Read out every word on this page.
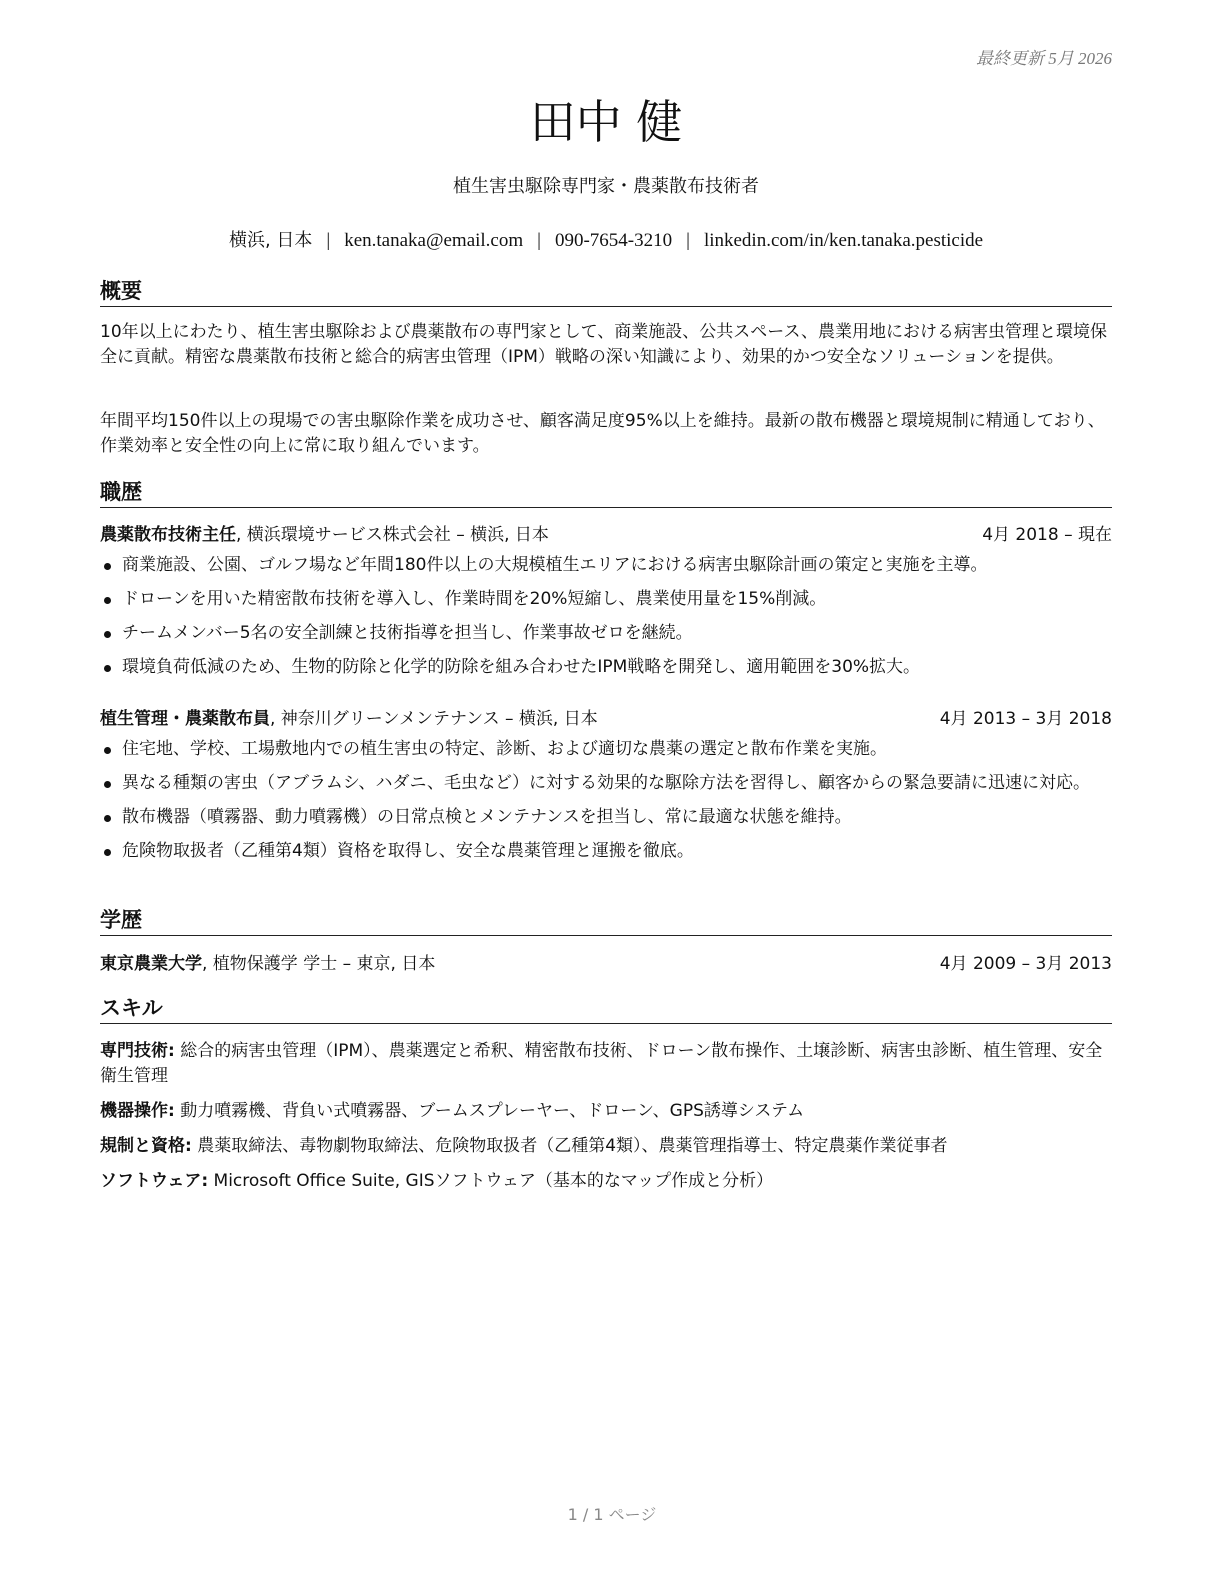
最終更新 5月 2026
田中 健
植生害虫駆除専門家・農薬散布技術者
横浜, 日本 | ken.tanaka@email.com | 090-7654-3210 | linkedin.com/in/ken.tanaka.pesticide
概要

10年以上にわたり、植生害虫駆除および農薬散布の専門家として、商業施設、公共スペース、農業用地における病害虫管理と環境保全に貢献。精密な農薬散布技術と総合的病害虫管理（IPM）戦略の深い知識により、効果的かつ安全なソリューションを提供。

年間平均150件以上の現場での害虫駆除作業を成功させ、顧客満足度95%以上を維持。最新の散布機器と環境規制に精通しており、作業効率と安全性の向上に常に取り組んでいます。

職歴
農薬散布技術主任, 横浜環境サービス株式会社 – 横浜, 日本	4月 2018 – 現在
商業施設、公園、ゴルフ場など年間180件以上の大規模植生エリアにおける病害虫駆除計画の策定と実施を主導。
ドローンを用いた精密散布技術を導入し、作業時間を20%短縮し、農業使用量を15%削減。
チームメンバー5名の安全訓練と技術指導を担当し、作業事故ゼロを継続。
環境負荷低減のため、生物的防除と化学的防除を組み合わせたIPM戦略を開発し、適用範囲を30%拡大。
植生管理・農薬散布員, 神奈川グリーンメンテナンス – 横浜, 日本	4月 2013 – 3月 2018
住宅地、学校、工場敷地内での植生害虫の特定、診断、および適切な農薬の選定と散布作業を実施。
異なる種類の害虫（アブラムシ、ハダニ、毛虫など）に対する効果的な駆除方法を習得し、顧客からの緊急要請に迅速に対応。
散布機器（噴霧器、動力噴霧機）の日常点検とメンテナンスを担当し、常に最適な状態を維持。
危険物取扱者（乙種第4類）資格を取得し、安全な農薬管理と運搬を徹底。
学歴
東京農業大学, 植物保護学 学士 – 東京, 日本	4月 2009 – 3月 2013
スキル

専門技術: 総合的病害虫管理（IPM）、農薬選定と希釈、精密散布技術、ドローン散布操作、土壌診断、病害虫診断、植生管理、安全衛生管理

機器操作: 動力噴霧機、背負い式噴霧器、ブームスプレーヤー、ドローン、GPS誘導システム

規制と資格: 農薬取締法、毒物劇物取締法、危険物取扱者（乙種第4類）、農薬管理指導士、特定農薬作業従事者

ソフトウェア: Microsoft Office Suite, GISソフトウェア（基本的なマップ作成と分析）

1 / 1 ページ
